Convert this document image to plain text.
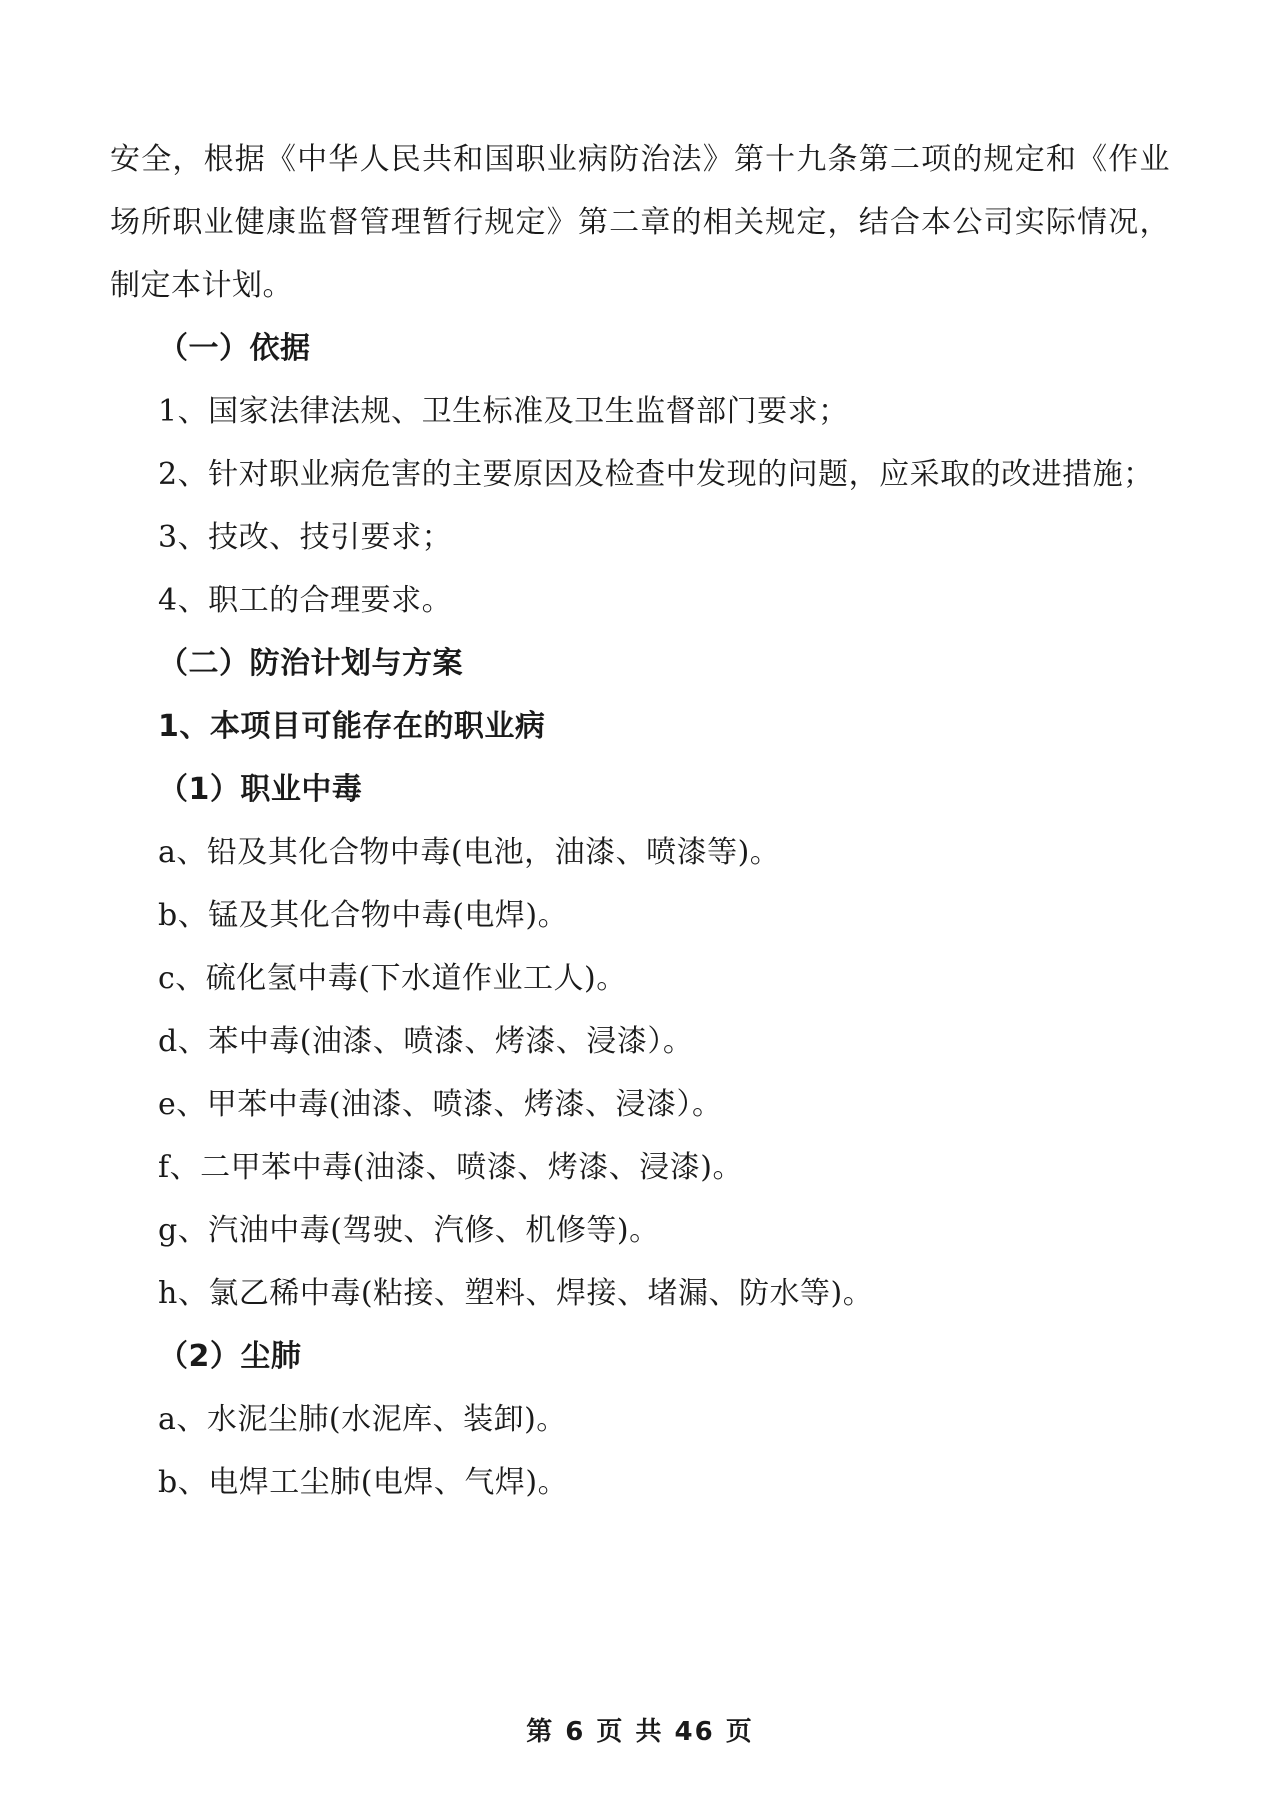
安全，根据《中华人民共和国职业病防治法》第十九条第二项的规定和《作业场所职业健康监督管理暂行规定》第二章的相关规定，结合本公司实际情况，制定本计划。

（一）依据

1、国家法律法规、卫生标准及卫生监督部门要求；

2、针对职业病危害的主要原因及检查中发现的问题，应采取的改进措施；

3、技改、技引要求；

4、职工的合理要求。

（二）防治计划与方案

1、本项目可能存在的职业病

（1）职业中毒

a、铅及其化合物中毒(电池，油漆、喷漆等)。

b、锰及其化合物中毒(电焊)。

c、硫化氢中毒(下水道作业工人)。

d、苯中毒(油漆、喷漆、烤漆、浸漆）。

e、甲苯中毒(油漆、喷漆、烤漆、浸漆）。

f、二甲苯中毒(油漆、喷漆、烤漆、浸漆)。

g、汽油中毒(驾驶、汽修、机修等)。

h、氯乙稀中毒(粘接、塑料、焊接、堵漏、防水等)。

（2）尘肺

a、水泥尘肺(水泥库、装卸)。

b、电焊工尘肺(电焊、气焊)。

第 6 页 共 46 页
